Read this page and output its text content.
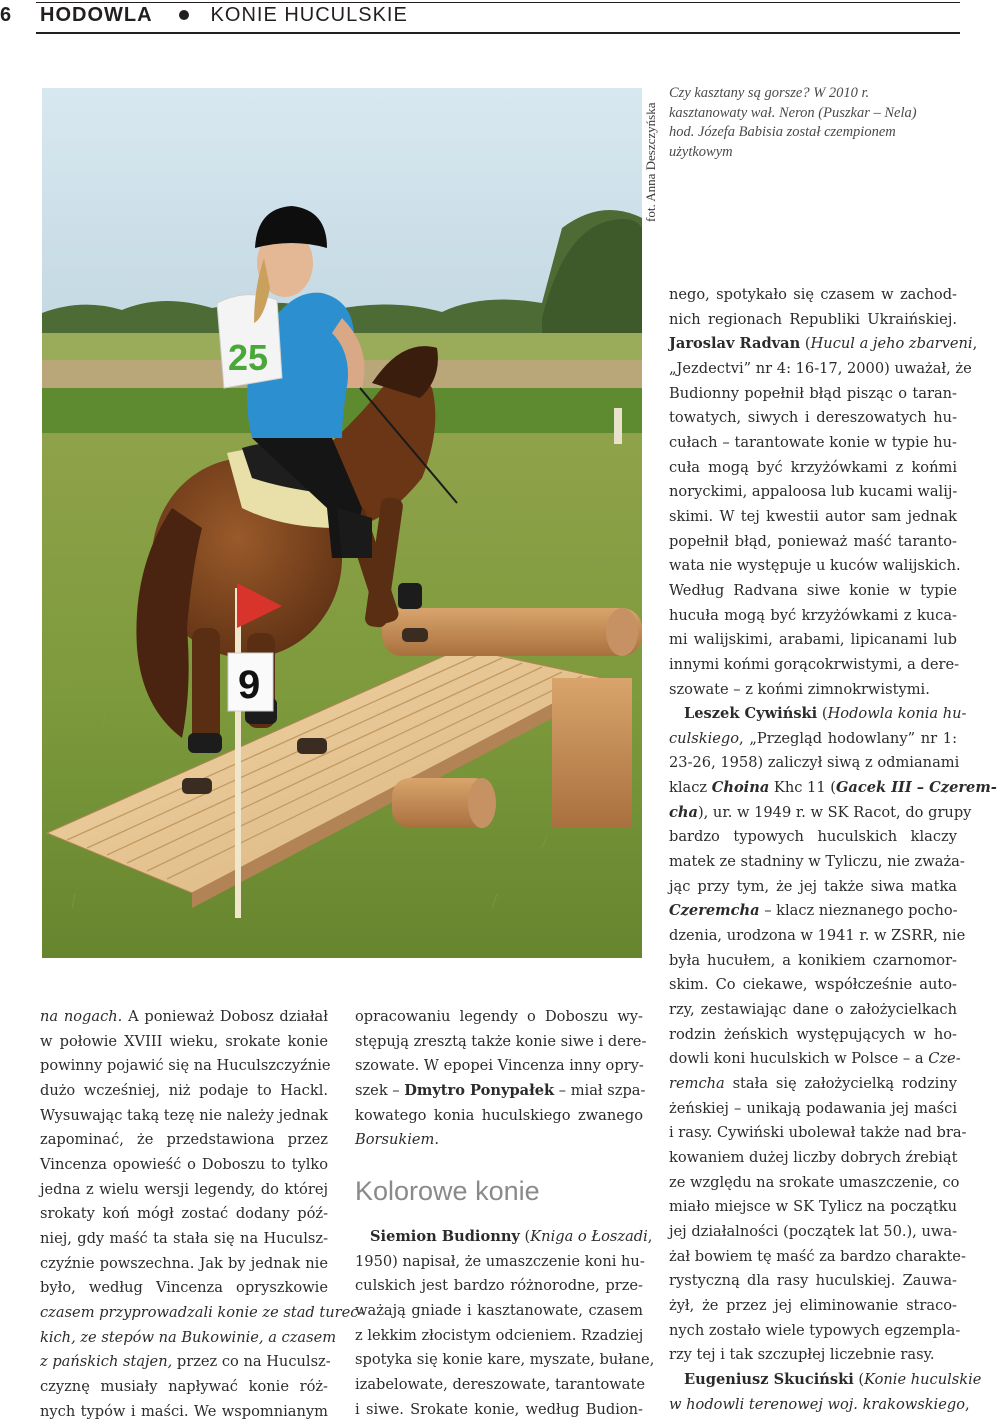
6 HODOWLA	KONIE HUCULSKIE
25
9
fot. Anna Deszczyńska

Czy kasztany są gorsze? W 2010 r.

kasztanowaty wał. Neron (Puszkar – Nela)

hod. Józefa Babisia został czempionem

użytkowym

na nogach. A ponieważ Dobosz działał
w połowie XVIII wieku, srokate konie
powinny pojawić się na Huculszczyźnie
dużo wcześniej, niż podaje to Hackl.
Wysuwając taką tezę nie należy jednak
zapominać, że przedstawiona przez
Vincenza opowieść o Doboszu to tylko
jedna z wielu wersji legendy, do której
srokaty koń mógł zostać dodany póź-
niej, gdy maść ta stała się na Huculsz-
czyźnie powszechna. Jak by jednak nie
było, według Vincenza opryszkowie
czasem przyprowadzali konie ze stad turec-
kich, ze stepów na Bukowinie, a czasem
z pańskich stajen, przez co na Huculsz-
czyznę musiały napływać konie róż-
nych typów i maści. We wspomnianym
opracowaniu legendy o Doboszu wy-
stępują zresztą także konie siwe i dere-
szowate. W epopei Vincenza inny opry-
szek – Dmytro Ponypałek – miał szpa-
kowatego konia huculskiego zwanego
Borsukiem.
Kolorowe konie
Siemion Budionny (Kniga o Łoszadi,
1950) napisał, że umaszczenie koni hu-
culskich jest bardzo różnorodne, prze-
ważają gniade i kasztanowate, czasem
z lekkim złocistym odcieniem. Rzadziej
spotyka się konie kare, myszate, bułane,
izabelowate, dereszowate, tarantowate
i siwe. Srokate konie, według Budion-
nego, spotykało się czasem w zachod-
nich regionach Republiki Ukraińskiej.
Jaroslav Radvan (Hucul a jeho zbarveni,
„Jezdectvi” nr 4: 16-17, 2000) uważał, że
Budionny popełnił błąd pisząc o taran-
towatych, siwych i dereszowatych hu-
cułach – tarantowate konie w typie hu-
cuła mogą być krzyżówkami z końmi
noryckimi, appaloosa lub kucami walij-
skimi. W tej kwestii autor sam jednak
popełnił błąd, ponieważ maść taranto-
wata nie występuje u kuców walijskich.
Według Radvana siwe konie w typie
hucuła mogą być krzyżówkami z kuca-
mi walijskimi, arabami, lipicanami lub
innymi końmi gorącokrwistymi, a dere-
szowate – z końmi zimnokrwistymi.
Leszek Cywiński (Hodowla konia hu-
culskiego, „Przegląd hodowlany” nr 1:
23-26, 1958) zaliczył siwą z odmianami
klacz Choina Khc 11 (Gacek III – Czerem-
cha), ur. w 1949 r. w SK Racot, do grupy
bardzo typowych huculskich klaczy
matek ze stadniny w Tyliczu, nie zważa-
jąc przy tym, że jej także siwa matka
Czeremcha – klacz nieznanego pocho-
dzenia, urodzona w 1941 r. w ZSRR, nie
była hucułem, a konikiem czarnomor-
skim. Co ciekawe, współcześnie auto-
rzy, zestawiając dane o założycielkach
rodzin żeńskich występujących w ho-
dowli koni huculskich w Polsce – a Cze-
remcha stała się założycielką rodziny
żeńskiej – unikają podawania jej maści
i rasy. Cywiński ubolewał także nad bra-
kowaniem dużej liczby dobrych źrebiąt
ze względu na srokate umaszczenie, co
miało miejsce w SK Tylicz na początku
jej działalności (początek lat 50.), uwa-
żał bowiem tę maść za bardzo charakte-
rystyczną dla rasy huculskiej. Zauwa-
żył, że przez jej eliminowanie straco-
nych zostało wiele typowych egzempla-
rzy tej i tak szczupłej liczebnie rasy.
Eugeniusz Skuciński (Konie huculskie
w hodowli terenowej woj. krakowskiego,
